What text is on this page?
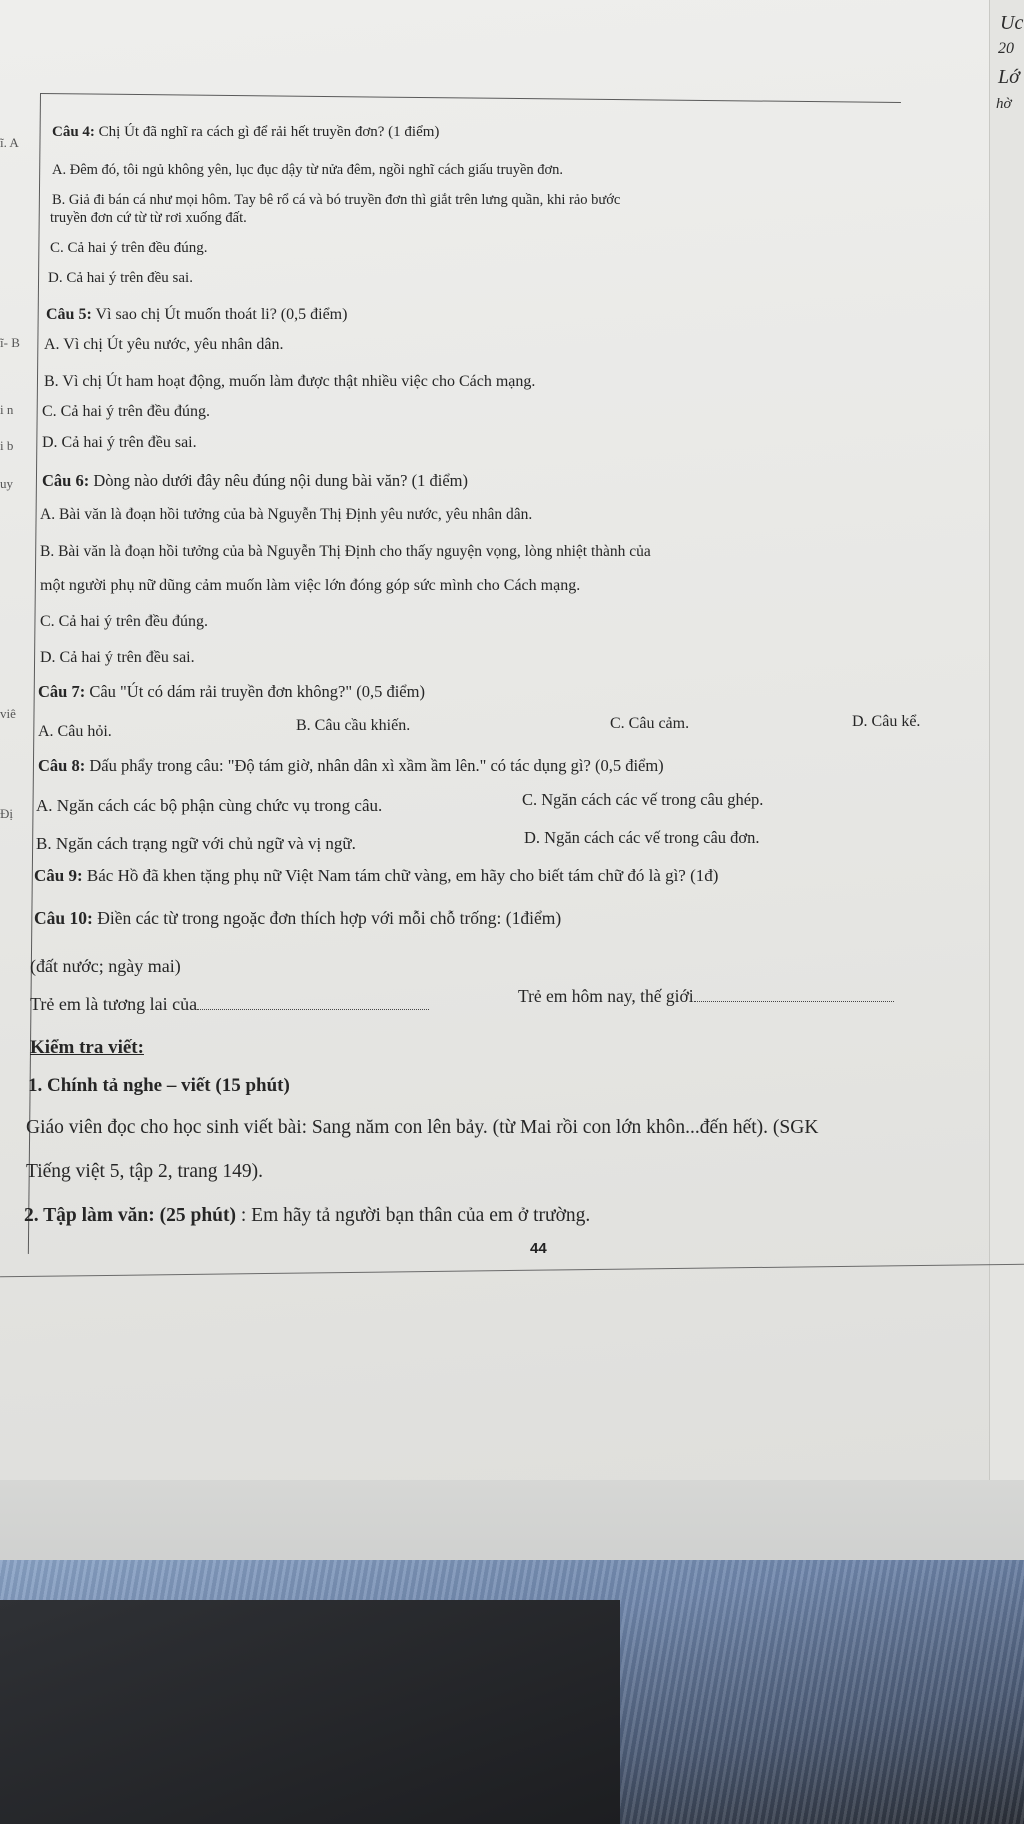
Uc
20
Lớ
hờ
ĩ. A
ĩ- B
i n
i b
uy
viê
Đị
Câu 4: Chị Út đã nghĩ ra cách gì để rải hết truyền đơn? (1 điểm)
A. Đêm đó, tôi ngủ không yên, lục đục dậy từ nửa đêm, ngồi nghĩ cách giấu truyền đơn.
B. Giả đi bán cá như mọi hôm. Tay bê rổ cá và bó truyền đơn thì giắt trên lưng quần, khi rảo bước
truyền đơn cứ từ từ rơi xuống đất.
C. Cả hai ý trên đều đúng.
D. Cả hai ý trên đều sai.
Câu 5: Vì sao chị Út muốn thoát li? (0,5 điểm)
A. Vì chị Út yêu nước, yêu nhân dân.
B. Vì chị Út ham hoạt động, muốn làm được thật nhiều việc cho Cách mạng.
C. Cả hai ý trên đều đúng.
D. Cả hai ý trên đều sai.
Câu 6: Dòng nào dưới đây nêu đúng nội dung bài văn? (1 điểm)
A. Bài văn là đoạn hồi tưởng của bà Nguyễn Thị Định yêu nước, yêu nhân dân.
B. Bài văn là đoạn hồi tưởng của bà Nguyễn Thị Định cho thấy nguyện vọng, lòng nhiệt thành của
một người phụ nữ dũng cảm muốn làm việc lớn đóng góp sức mình cho Cách mạng.
C. Cả hai ý trên đều đúng.
D. Cả hai ý trên đều sai.
Câu 7: Câu "Út có dám rải truyền đơn không?" (0,5 điểm)
A. Câu hỏi.	B. Câu cầu khiến.	C. Câu cảm.	D. Câu kể.
Câu 8: Dấu phẩy trong câu: "Độ tám giờ, nhân dân xì xầm ầm lên." có tác dụng gì? (0,5 điểm)
A. Ngăn cách các bộ phận cùng chức vụ trong câu.	C. Ngăn cách các vế trong câu ghép.
B. Ngăn cách trạng ngữ với chủ ngữ và vị ngữ.	D. Ngăn cách các vế trong câu đơn.
Câu 9: Bác Hồ đã khen tặng phụ nữ Việt Nam tám chữ vàng, em hãy cho biết tám chữ đó là gì? (1đ)
Câu 10: Điền các từ trong ngoặc đơn thích hợp với mỗi chỗ trống: (1điểm)
(đất nước; ngày mai)
Trẻ em là tương lai của	Trẻ em hôm nay, thế giới
Kiểm tra viết:
1. Chính tả nghe – viết (15 phút)
Giáo viên đọc cho học sinh viết bài: Sang năm con lên bảy. (từ Mai rồi con lớn khôn...đến hết). (SGK
Tiếng việt 5, tập 2, trang 149).
2. Tập làm văn: (25 phút) : Em hãy tả người bạn thân của em ở trường.
44
